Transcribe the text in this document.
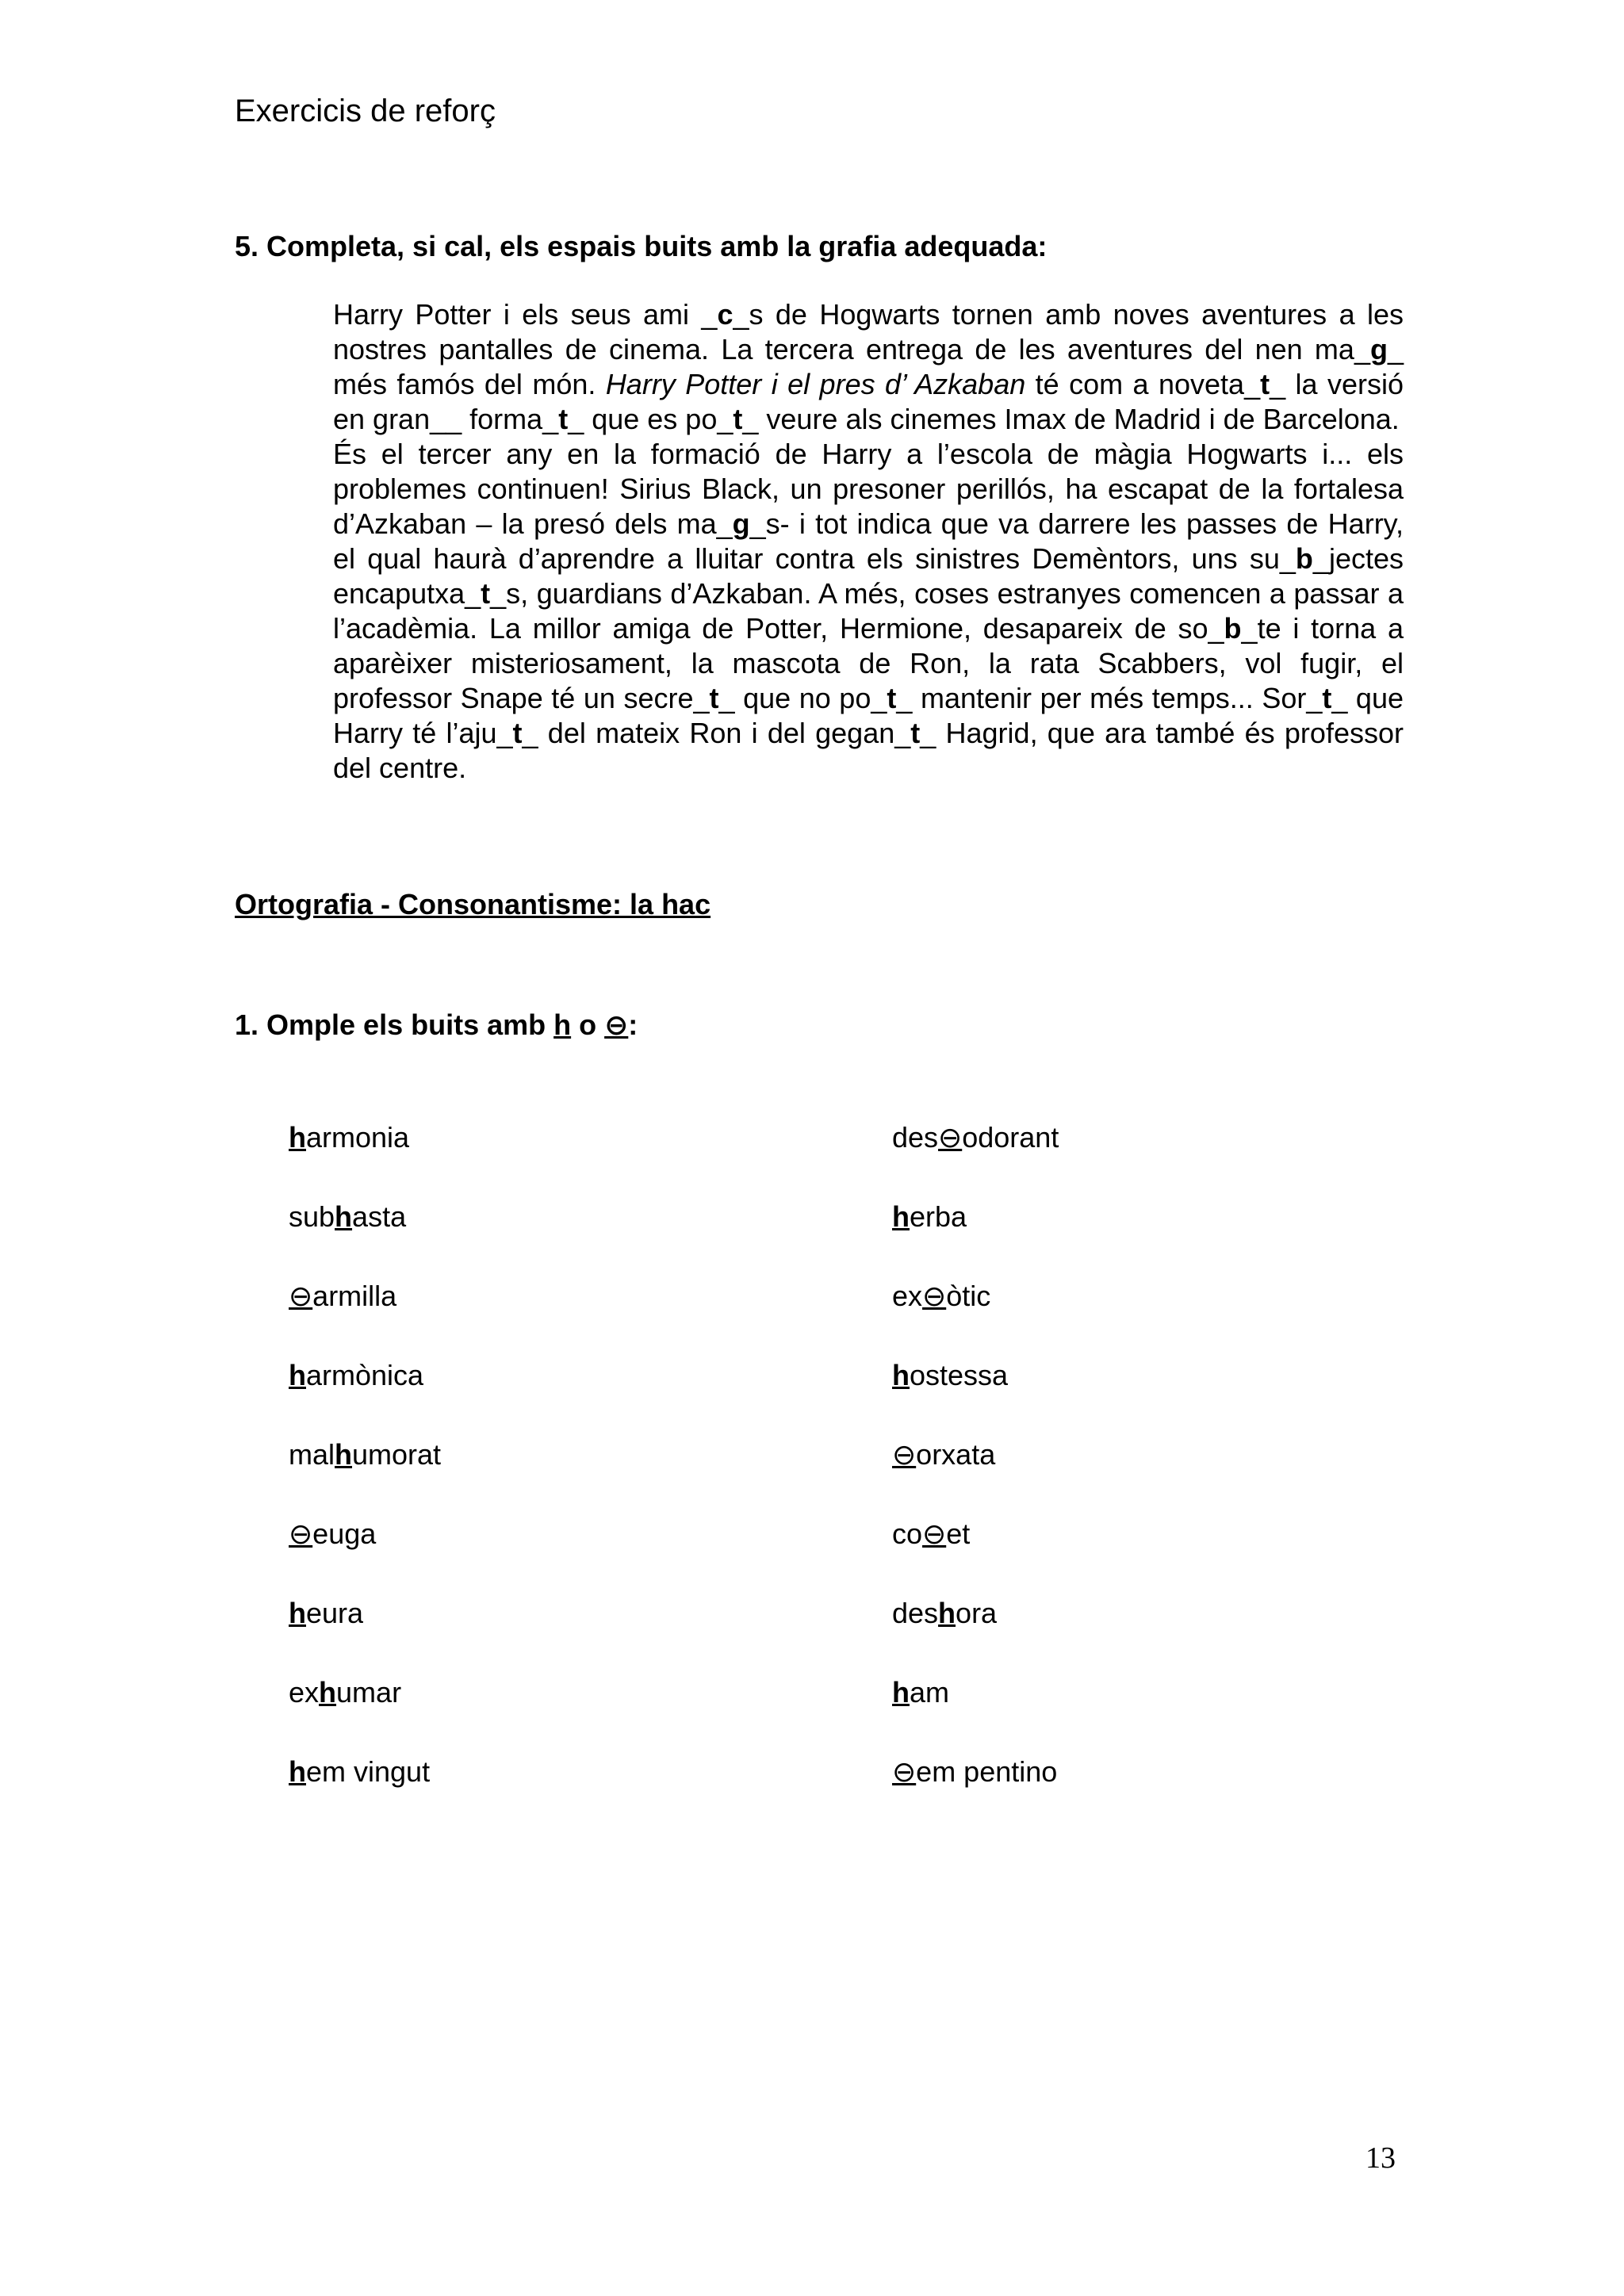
Exercicis de reforç
5. Completa, si cal, els espais buits amb la grafia adequada:

Harry Potter i els seus ami _c_s de Hogwarts tornen amb noves aventures a les nostres pantalles de cinema. La tercera entrega de les aventures del nen ma_g_ més famós del món. Harry Potter i el pres d’ Azkaban té com a noveta_t_ la versió en gran__ forma_t_ que es po_t_ veure als cinemes Imax de Madrid i de Barcelona.

És el tercer any en la formació de Harry a l’escola de màgia Hogwarts i... els problemes continuen! Sirius Black, un presoner perillós, ha escapat de la fortalesa d’Azkaban – la presó dels ma_g_s- i tot indica que va darrere les passes de Harry, el qual haurà d’aprendre a lluitar contra els sinistres Demèntors, uns su_b_jectes encaputxa_t_s, guardians d’Azkaban. A més, coses estranyes comencen a passar a l’acadèmia. La millor amiga de Potter, Hermione, desapareix de so_b_te i torna a aparèixer misteriosament, la mascota de Ron, la rata Scabbers, vol fugir, el professor Snape té un secre_t_ que no po_t_ mantenir per més temps... Sor_t_ que Harry té l’aju_t_ del mateix Ron i del gegan_t_ Hagrid, que ara també és professor del centre.

Ortografia - Consonantisme: la hac
1. Omple els buits amb h o ⊖:
harmonia
subhasta
⊖armilla
harmònica
malhumorat
⊖euga
heura
exhumar
hem vingut
des⊖odorant
herba
ex⊖òtic
hostessa
⊖orxata
co⊖et
deshora
ham
⊖em pentino
13
